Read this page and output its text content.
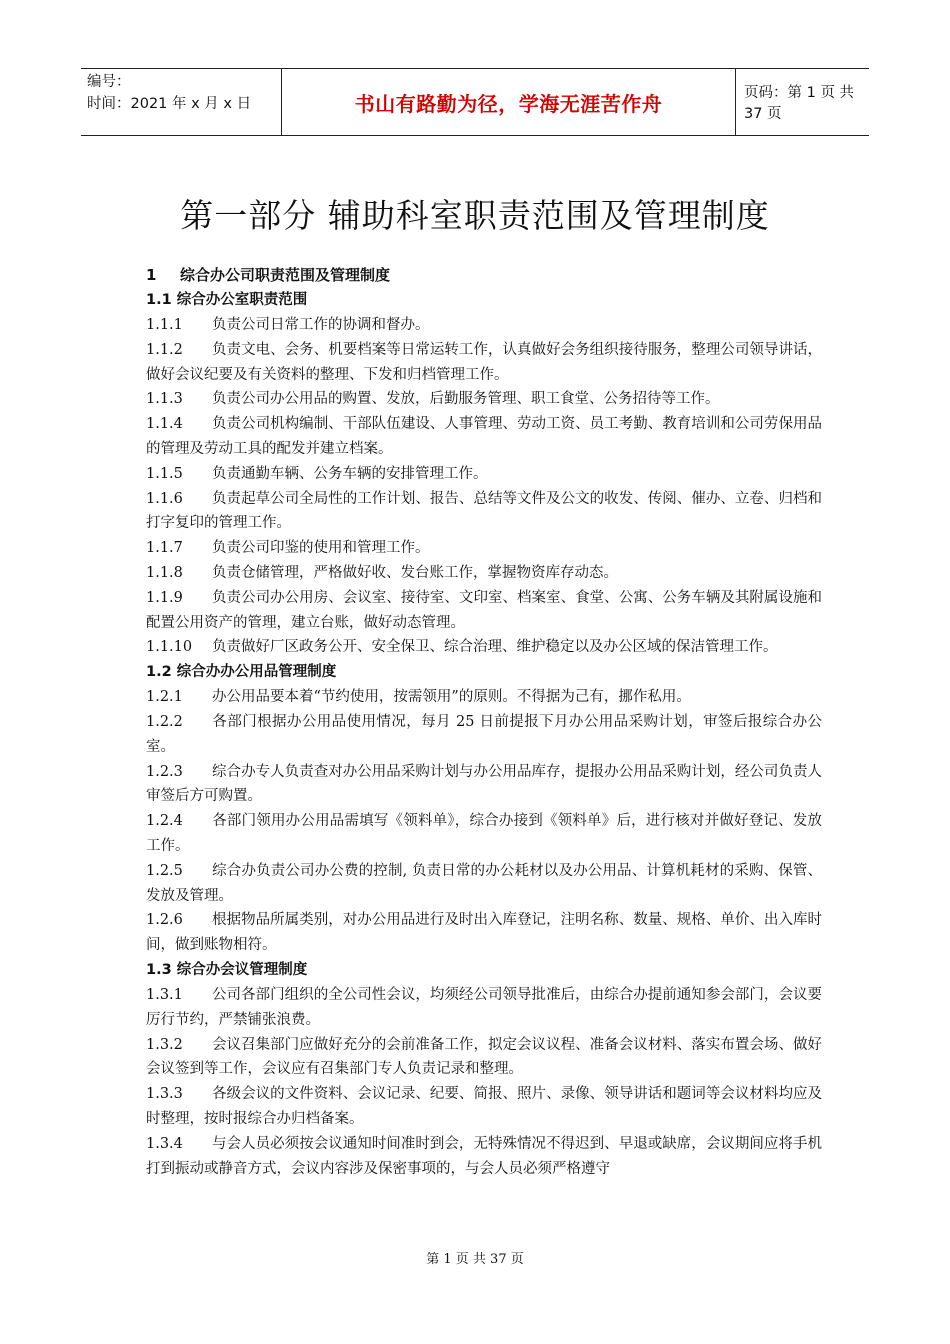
编号：
时间：2021 年 x 月 x 日	书山有路勤为径，学海无涯苦作舟	页码：第 1 页 共 37 页
第一部分 辅助科室职责范围及管理制度
1 综合办公司职责范围及管理制度
1.1 综合办公室职责范围
1.1.1 负责公司日常工作的协调和督办。
1.1.2 负责文电、会务、机要档案等日常运转工作，认真做好会务组织接待服务，整理公司领导讲话，做好会议纪要及有关资料的整理、下发和归档管理工作。
1.1.3 负责公司办公用品的购置、发放，后勤服务管理、职工食堂、公务招待等工作。
1.1.4 负责公司机构编制、干部队伍建设、人事管理、劳动工资、员工考勤、教育培训和公司劳保用品的管理及劳动工具的配发并建立档案。
1.1.5 负责通勤车辆、公务车辆的安排管理工作。
1.1.6 负责起草公司全局性的工作计划、报告、总结等文件及公文的收发、传阅、催办、立卷、归档和打字复印的管理工作。
1.1.7 负责公司印鉴的使用和管理工作。
1.1.8 负责仓储管理，严格做好收、发台账工作，掌握物资库存动态。
1.1.9 负责公司办公用房、会议室、接待室、文印室、档案室、食堂、公寓、公务车辆及其附属设施和配置公用资产的管理，建立台账，做好动态管理。
1.1.10 负责做好厂区政务公开、安全保卫、综合治理、维护稳定以及办公区域的保洁管理工作。
1.2 综合办办公用品管理制度
1.2.1 办公用品要本着“节约使用，按需领用”的原则。不得据为己有，挪作私用。
1.2.2 各部门根据办公用品使用情况，每月 25 日前提报下月办公用品采购计划，审签后报综合办公室。
1.2.3 综合办专人负责查对办公用品采购计划与办公用品库存，提报办公用品采购计划，经公司负责人审签后方可购置。
1.2.4 各部门领用办公用品需填写《领料单》，综合办接到《领料单》后，进行核对并做好登记、发放工作。
1.2.5 综合办负责公司办公费的控制, 负责日常的办公耗材以及办公用品、计算机耗材的采购、保管、发放及管理。
1.2.6 根据物品所属类别，对办公用品进行及时出入库登记，注明名称、数量、规格、单价、出入库时间，做到账物相符。
1.3 综合办会议管理制度
1.3.1 公司各部门组织的全公司性会议，均须经公司领导批准后，由综合办提前通知参会部门，会议要厉行节约，严禁铺张浪费。
1.3.2 会议召集部门应做好充分的会前准备工作，拟定会议议程、准备会议材料、落实布置会场、做好会议签到等工作，会议应有召集部门专人负责记录和整理。
1.3.3 各级会议的文件资料、会议记录、纪要、简报、照片、录像、领导讲话和题词等会议材料均应及时整理，按时报综合办归档备案。
1.3.4 与会人员必须按会议通知时间准时到会，无特殊情况不得迟到、早退或缺席，会议期间应将手机打到振动或静音方式，会议内容涉及保密事项的，与会人员必须严格遵守
第 1 页 共 37 页
